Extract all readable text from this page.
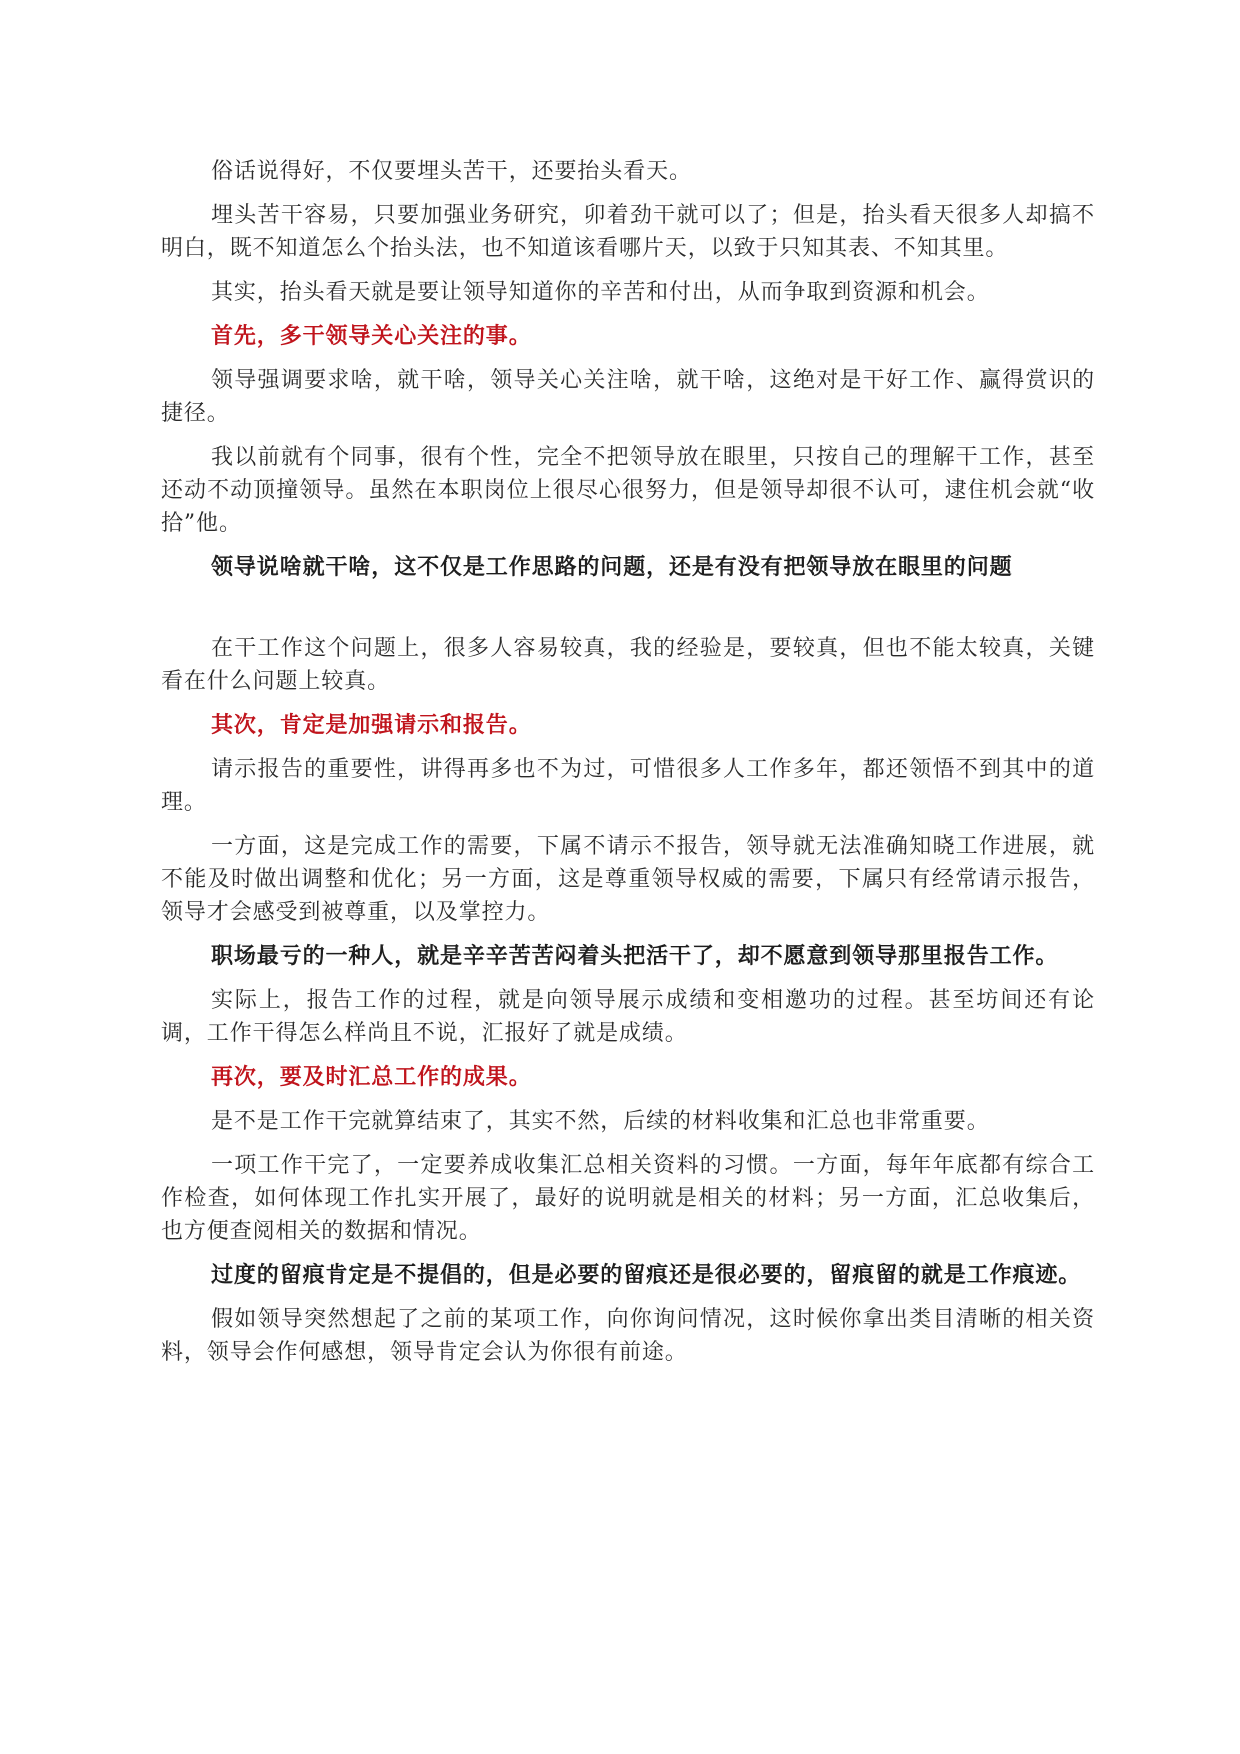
俗话说得好，不仅要埋头苦干，还要抬头看天。

埋头苦干容易，只要加强业务研究，卯着劲干就可以了；但是，抬头看天很多人却搞不明白，既不知道怎么个抬头法，也不知道该看哪片天，以致于只知其表、不知其里。

其实，抬头看天就是要让领导知道你的辛苦和付出，从而争取到资源和机会。

首先，多干领导关心关注的事。

领导强调要求啥，就干啥，领导关心关注啥，就干啥，这绝对是干好工作、赢得赏识的捷径。

我以前就有个同事，很有个性，完全不把领导放在眼里，只按自己的理解干工作，甚至还动不动顶撞领导。虽然在本职岗位上很尽心很努力，但是领导却很不认可，逮住机会就“收拾”他。

领导说啥就干啥，这不仅是工作思路的问题，还是有没有把领导放在眼里的问题

在干工作这个问题上，很多人容易较真，我的经验是，要较真，但也不能太较真，关键看在什么问题上较真。

其次，肯定是加强请示和报告。

请示报告的重要性，讲得再多也不为过，可惜很多人工作多年，都还领悟不到其中的道理。

一方面，这是完成工作的需要，下属不请示不报告，领导就无法准确知晓工作进展，就不能及时做出调整和优化；另一方面，这是尊重领导权威的需要，下属只有经常请示报告，领导才会感受到被尊重，以及掌控力。

职场最亏的一种人，就是辛辛苦苦闷着头把活干了，却不愿意到领导那里报告工作。

实际上，报告工作的过程，就是向领导展示成绩和变相邀功的过程。甚至坊间还有论调，工作干得怎么样尚且不说，汇报好了就是成绩。

再次，要及时汇总工作的成果。

是不是工作干完就算结束了，其实不然，后续的材料收集和汇总也非常重要。

一项工作干完了，一定要养成收集汇总相关资料的习惯。一方面，每年年底都有综合工作检查，如何体现工作扎实开展了，最好的说明就是相关的材料；另一方面，汇总收集后，也方便查阅相关的数据和情况。

过度的留痕肯定是不提倡的，但是必要的留痕还是很必要的，留痕留的就是工作痕迹。

假如领导突然想起了之前的某项工作，向你询问情况，这时候你拿出类目清晰的相关资料，领导会作何感想，领导肯定会认为你很有前途。
